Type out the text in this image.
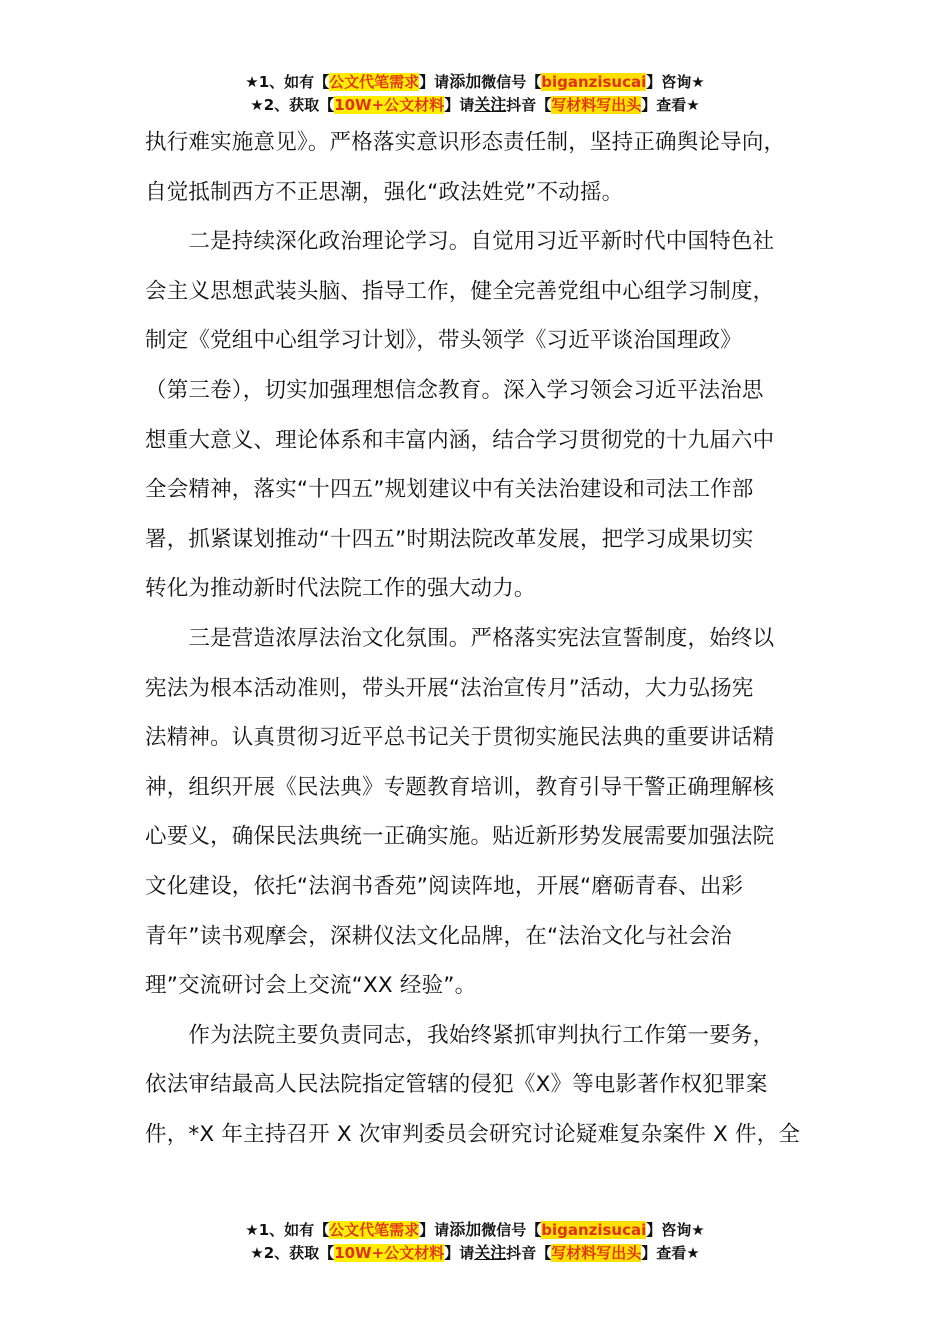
★1、如有【公文代笔需求】请添加微信号【biganzisucai】咨询★
★2、获取【10W+公文材料】请关注抖音【写材料写出头】查看★
执行难实施意见》。严格落实意识形态责任制，坚持正确舆论导向，
自觉抵制西方不正思潮，强化“政法姓党”不动摇。
　　二是持续深化政治理论学习。自觉用习近平新时代中国特色社
会主义思想武装头脑、指导工作，健全完善党组中心组学习制度，
制定《党组中心组学习计划》，带头领学《习近平谈治国理政》
（第三卷），切实加强理想信念教育。深入学习领会习近平法治思
想重大意义、理论体系和丰富内涵，结合学习贯彻党的十九届六中
全会精神，落实“十四五”规划建议中有关法治建设和司法工作部
署，抓紧谋划推动“十四五”时期法院改革发展，把学习成果切实
转化为推动新时代法院工作的强大动力。
　　三是营造浓厚法治文化氛围。严格落实宪法宣誓制度，始终以
宪法为根本活动准则，带头开展“法治宣传月”活动，大力弘扬宪
法精神。认真贯彻习近平总书记关于贯彻实施民法典的重要讲话精
神，组织开展《民法典》专题教育培训，教育引导干警正确理解核
心要义，确保民法典统一正确实施。贴近新形势发展需要加强法院
文化建设，依托“法润书香苑”阅读阵地，开展“磨砺青春、出彩
青年”读书观摩会，深耕仪法文化品牌，在“法治文化与社会治
理”交流研讨会上交流“XX 经验”。
　　作为法院主要负责同志，我始终紧抓审判执行工作第一要务，
依法审结最高人民法院指定管辖的侵犯《X》等电影著作权犯罪案
件，*X 年主持召开 X 次审判委员会研究讨论疑难复杂案件 X 件，全
★1、如有【公文代笔需求】请添加微信号【biganzisucai】咨询★
★2、获取【10W+公文材料】请关注抖音【写材料写出头】查看★
